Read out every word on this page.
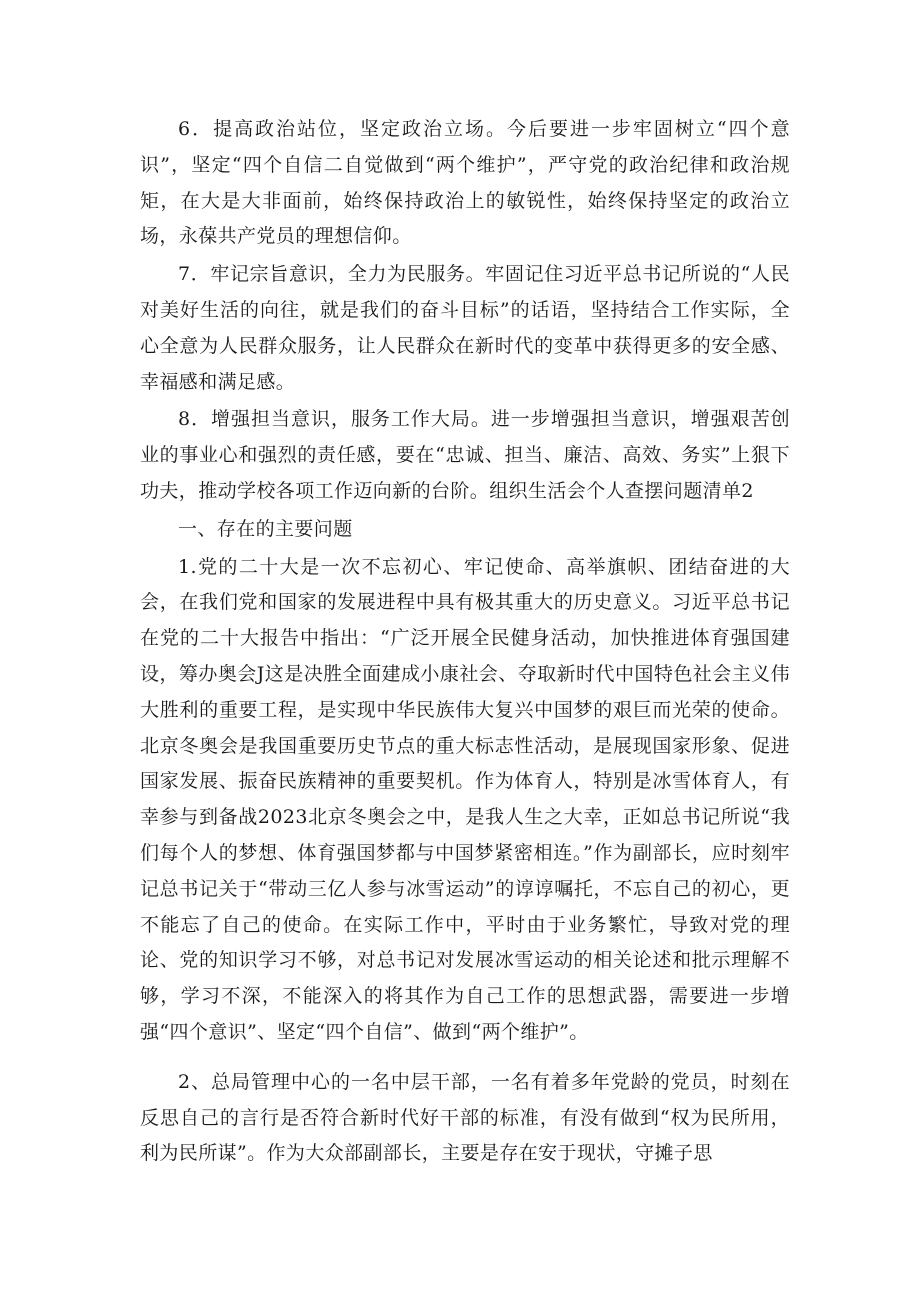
6．提高政治站位，坚定政治立场。今后要进一步牢固树立“四个意识”，坚定“四个自信二自觉做到“两个维护”，严守党的政治纪律和政治规矩，在大是大非面前，始终保持政治上的敏锐性，始终保持坚定的政治立场，永葆共产党员的理想信仰。

7．牢记宗旨意识，全力为民服务。牢固记住习近平总书记所说的“人民对美好生活的向往，就是我们的奋斗目标”的话语，坚持结合工作实际，全心全意为人民群众服务，让人民群众在新时代的变革中获得更多的安全感、幸福感和满足感。

8．增强担当意识，服务工作大局。进一步增强担当意识，增强艰苦创业的事业心和强烈的责任感，要在“忠诚、担当、廉洁、高效、务实”上狠下功夫，推动学校各项工作迈向新的台阶。组织生活会个人查摆问题清单2

一、存在的主要问题

1.党的二十大是一次不忘初心、牢记使命、高举旗帜、团结奋进的大会，在我们党和国家的发展进程中具有极其重大的历史意义。习近平总书记在党的二十大报告中指出：“广泛开展全民健身活动，加快推进体育强国建设，筹办奥会J这是决胜全面建成小康社会、夺取新时代中国特色社会主义伟大胜利的重要工程，是实现中华民族伟大复兴中国梦的艰巨而光荣的使命。北京冬奥会是我国重要历史节点的重大标志性活动，是展现国家形象、促进国家发展、振奋民族精神的重要契机。作为体育人，特别是冰雪体育人，有幸参与到备战2023北京冬奥会之中，是我人生之大幸，正如总书记所说“我们每个人的梦想、体育强国梦都与中国梦紧密相连。”作为副部长，应时刻牢记总书记关于“带动三亿人参与冰雪运动”的谆谆嘱托，不忘自己的初心，更不能忘了自己的使命。在实际工作中，平时由于业务繁忙，导致对党的理论、党的知识学习不够，对总书记对发展冰雪运动的相关论述和批示理解不够，学习不深，不能深入的将其作为自己工作的思想武器，需要进一步增强“四个意识”、坚定“四个自信”、做到“两个维护”。

2、总局管理中心的一名中层干部，一名有着多年党龄的党员，时刻在反思自己的言行是否符合新时代好干部的标准，有没有做到“权为民所用，利为民所谋”。作为大众部副部长，主要是存在安于现状，守摊子思
